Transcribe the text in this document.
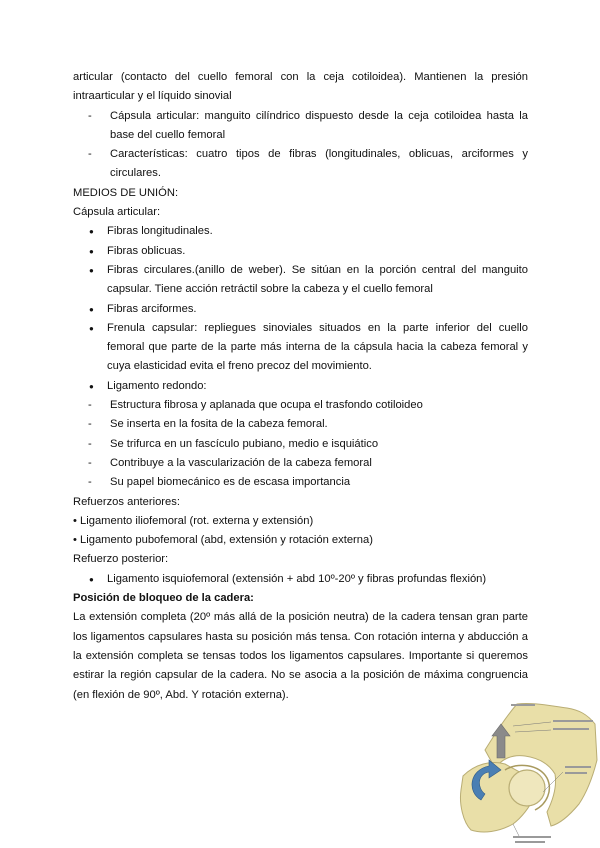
articular (contacto del cuello femoral con la ceja cotiloidea). Mantienen la presión intraarticular y el líquido sinovial

- Cápsula articular: manguito cilíndrico dispuesto desde la ceja cotiloidea hasta la base del cuello femoral
- Características: cuatro tipos de fibras (longitudinales, oblicuas, arciformes y circulares.

MEDIOS DE UNIÓN:

Cápsula articular:

● Fibras longitudinales.
● Fibras oblicuas.
● Fibras circulares.(anillo de weber). Se sitúan en la porción central del manguito capsular. Tiene acción retráctil sobre la cabeza y el cuello femoral
● Fibras arciformes.
● Frenula capsular: repliegues sinoviales situados en la parte inferior del cuello femoral que parte de la parte más interna de la cápsula hacia la cabeza femoral y cuya elasticidad evita el freno precoz del movimiento.
● Ligamento redondo:
- Estructura fibrosa y aplanada que ocupa el trasfondo cotiloideo
- Se inserta en la fosita de la cabeza femoral.
- Se trifurca en un fascículo pubiano, medio e isquiático
- Contribuye a la vascularización de la cabeza femoral
- Su papel biomecánico es de escasa importancia

Refuerzos anteriores:

• Ligamento iliofemoral (rot. externa y extensión)

• Ligamento pubofemoral (abd, extensión y rotación externa)

Refuerzo posterior:

● Ligamento isquiofemoral (extensión + abd 10º-20º y fibras profundas flexión)

Posición de bloqueo de la cadera:

La extensión completa (20º más allá de la posición neutra) de la cadera tensan gran parte los ligamentos capsulares hasta su posición más tensa. Con rotación interna y abducción a la extensión completa se tensas todos los ligamentos capsulares. Importante si queremos estirar la región capsular de la cadera. No se asocia a la posición de máxima congruencia (en flexión de 90º, Abd. Y rotación externa).
